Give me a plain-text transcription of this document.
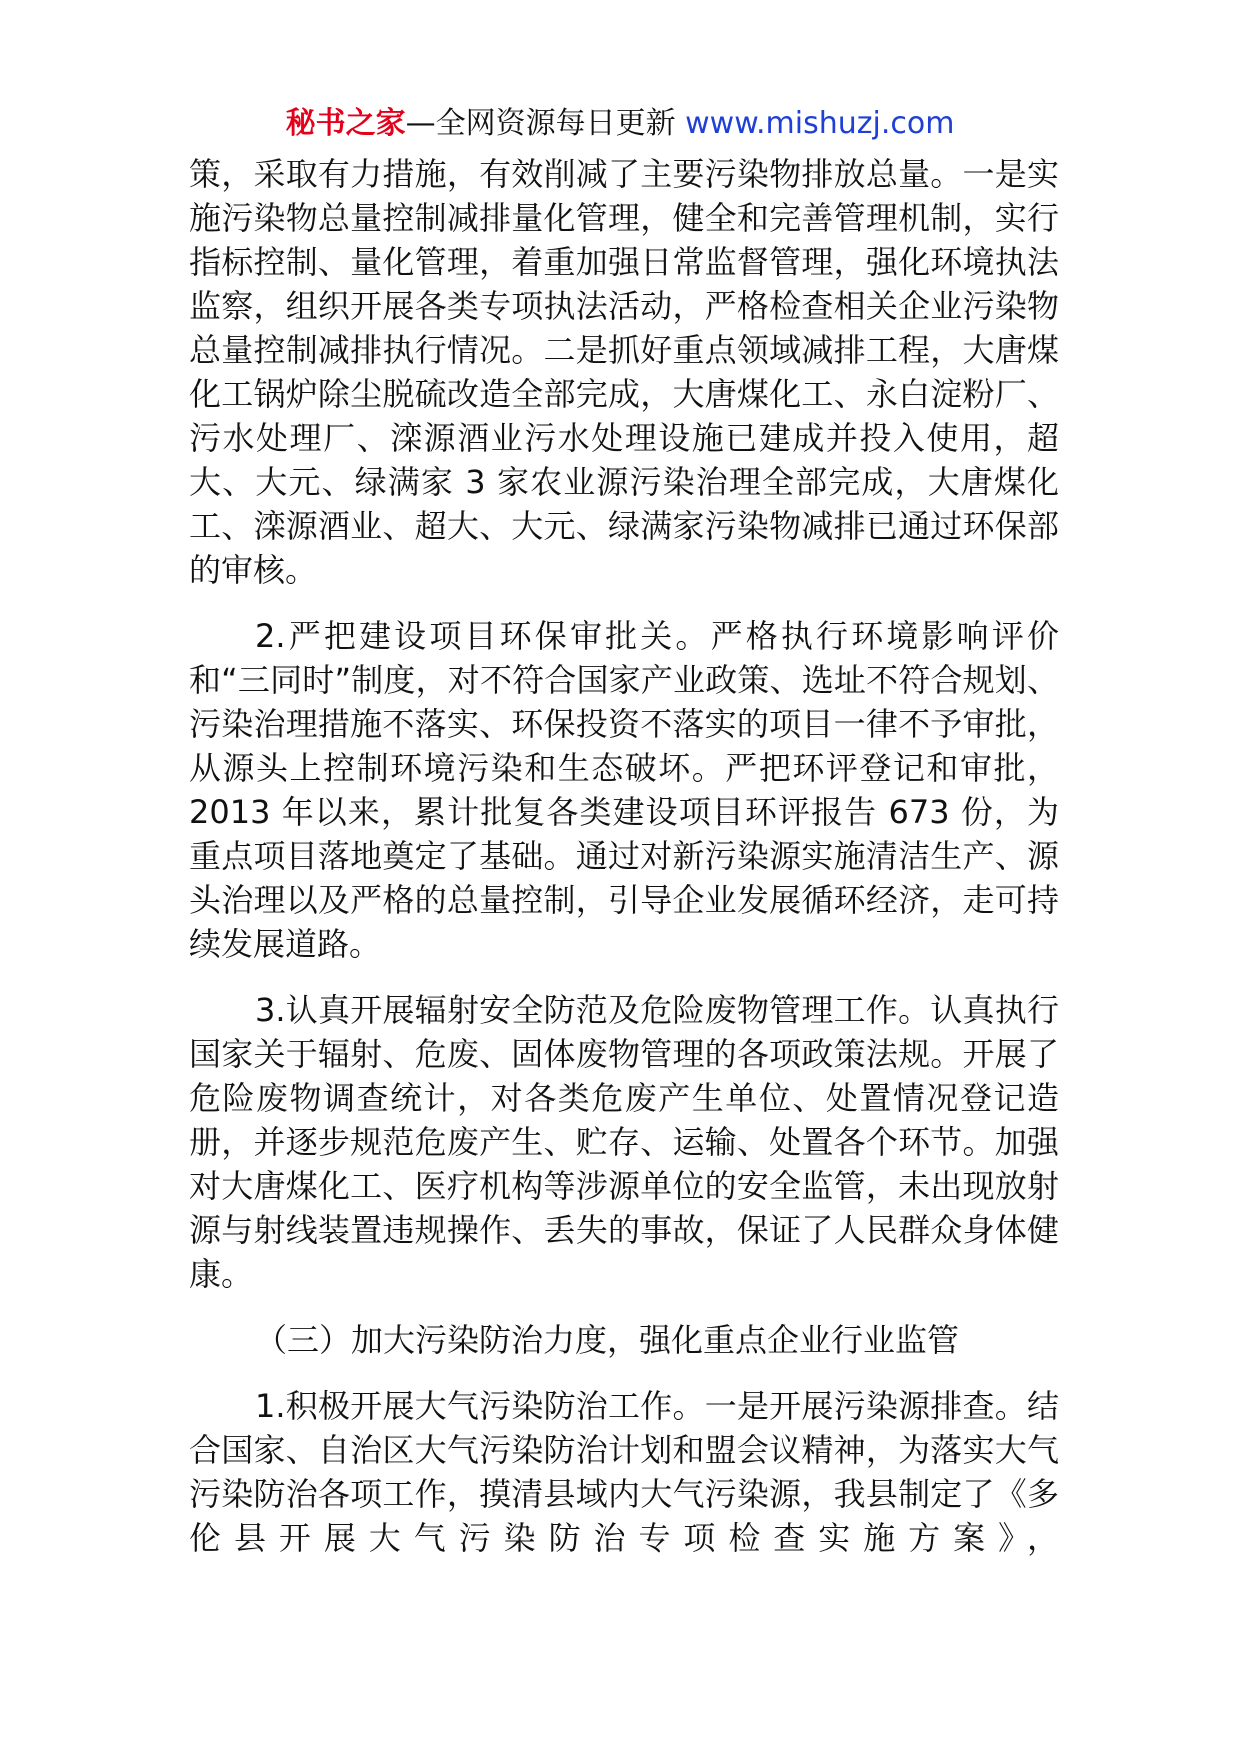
秘书之家—全网资源每日更新 www.mishuzj.com

策，采取有力措施，有效削减了主要污染物排放总量。一是实施污染物总量控制减排量化管理，健全和完善管理机制，实行指标控制、量化管理，着重加强日常监督管理，强化环境执法监察，组织开展各类专项执法活动，严格检查相关企业污染物总量控制减排执行情况。二是抓好重点领域减排工程，大唐煤化工锅炉除尘脱硫改造全部完成，大唐煤化工、永白淀粉厂、污水处理厂、滦源酒业污水处理设施已建成并投入使用，超大、大元、绿满家 3 家农业源污染治理全部完成，大唐煤化工、滦源酒业、超大、大元、绿满家污染物减排已通过环保部的审核。

2.严把建设项目环保审批关。严格执行环境影响评价和“三同时”制度，对不符合国家产业政策、选址不符合规划、污染治理措施不落实、环保投资不落实的项目一律不予审批，从源头上控制环境污染和生态破坏。严把环评登记和审批，2013 年以来，累计批复各类建设项目环评报告 673 份，为重点项目落地奠定了基础。通过对新污染源实施清洁生产、源头治理以及严格的总量控制，引导企业发展循环经济，走可持续发展道路。

3.认真开展辐射安全防范及危险废物管理工作。认真执行国家关于辐射、危废、固体废物管理的各项政策法规。开展了危险废物调查统计，对各类危废产生单位、处置情况登记造册，并逐步规范危废产生、贮存、运输、处置各个环节。加强对大唐煤化工、医疗机构等涉源单位的安全监管，未出现放射源与射线装置违规操作、丢失的事故，保证了人民群众身体健康。

（三）加大污染防治力度，强化重点企业行业监管

1.积极开展大气污染防治工作。一是开展污染源排查。结合国家、自治区大气污染防治计划和盟会议精神，为落实大气污染防治各项工作，摸清县域内大气污染源，我县制定了《多伦县开展大气污染防治专项检查实施方案》，
